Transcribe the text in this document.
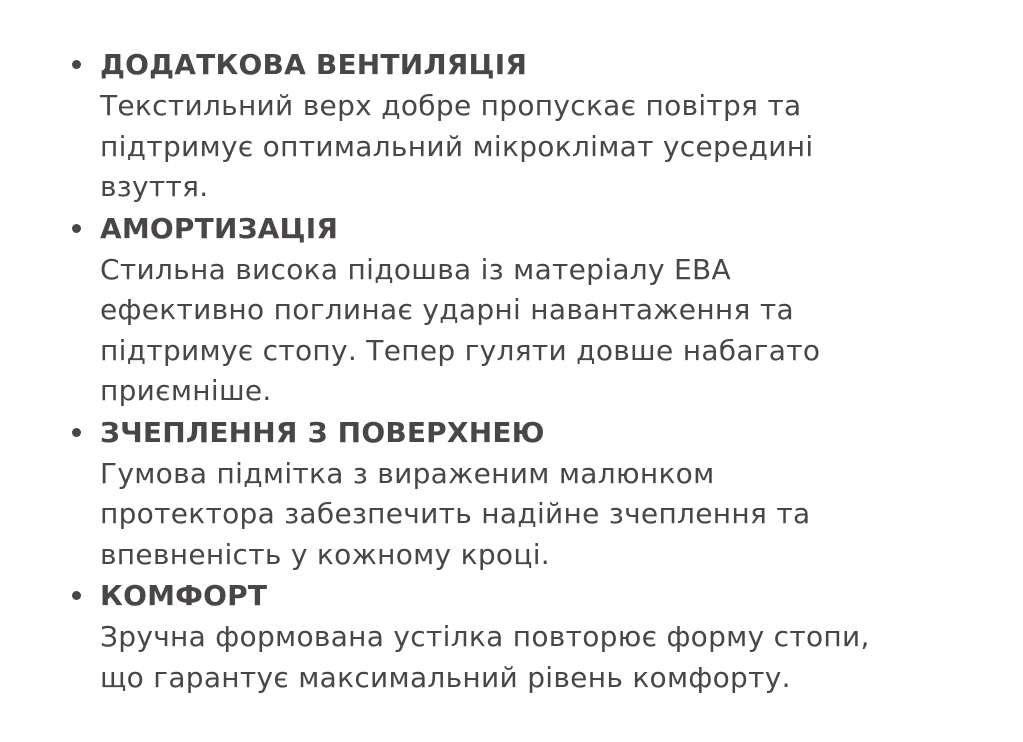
ДОДАТКОВА ВЕНТИЛЯЦІЯ
Текстильний верх добре пропускає повітря та
підтримує оптимальний мікроклімат усередині
взуття.
АМОРТИЗАЦІЯ
Стильна висока підошва із матеріалу ЕВА
ефективно поглинає ударні навантаження та
підтримує стопу. Тепер гуляти довше набагато
приємніше.
ЗЧЕПЛЕННЯ З ПОВЕРХНЕЮ
Гумова підмітка з вираженим малюнком
протектора забезпечить надійне зчеплення та
впевненість у кожному кроці.
КОМФОРТ
Зручна формована устілка повторює форму стопи,
що гарантує максимальний рівень комфорту.
